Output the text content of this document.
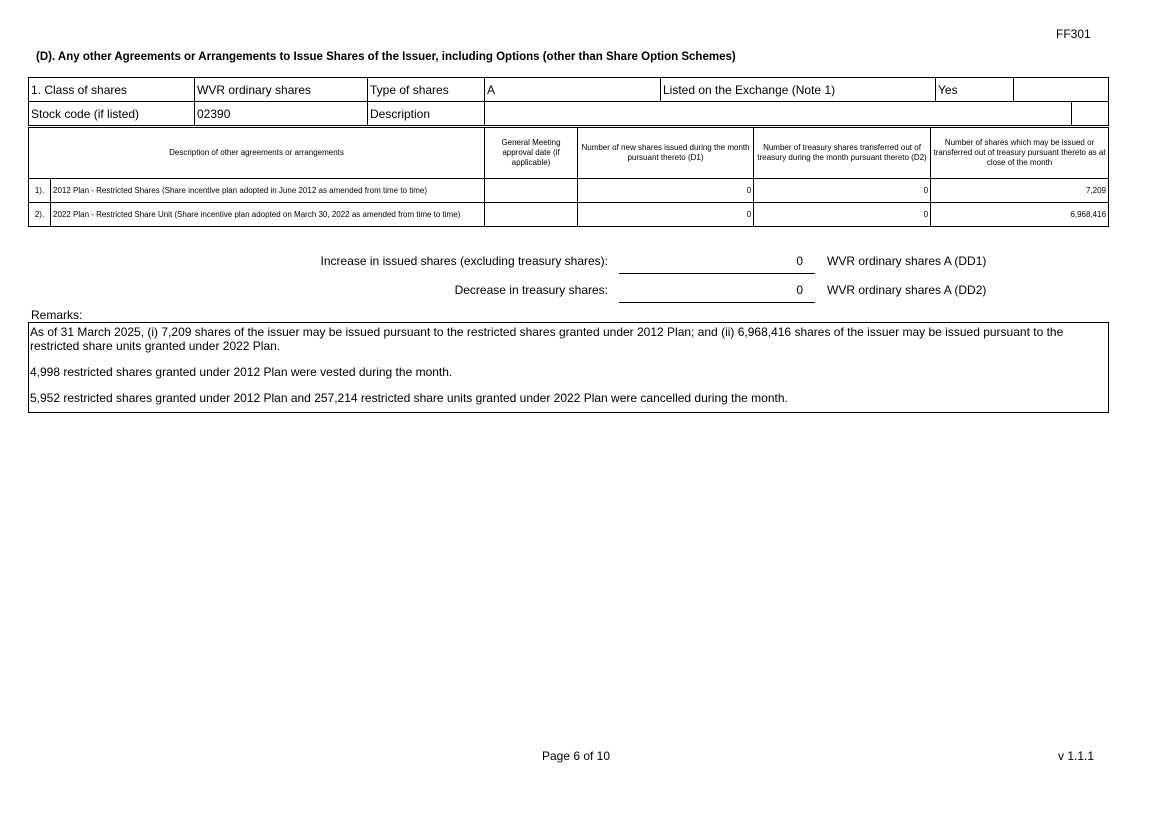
FF301
(D). Any other Agreements or Arrangements to Issue Shares of the Issuer, including Options (other than Share Option Schemes)
1. Class of shares	WVR ordinary shares	Type of shares	A	Listed on the Exchange (Note 1)	Yes		
Stock code (if listed)	02390	Description					
Description of other agreements or arrangements		General Meeting approval date (if applicable)	Number of new shares issued during the month pursuant thereto (D1)	Number of treasury shares transferred out of treasury during the month pursuant thereto (D2)	Number of shares which may be issued or transferred out of treasury pursuant thereto as at close of the month
1).	2012 Plan - Restricted Shares (Share incentive plan adopted in June 2012 as amended from time to time)		0	0	7,209
2).	2022 Plan - Restricted Share Unit (Share incentive plan adopted on March 30, 2022 as amended from time to time)		0	0	6,968,416
Increase in issued shares (excluding treasury shares):	0 WVR ordinary shares A (DD1)
Decrease in treasury shares:	0 WVR ordinary shares A (DD2)
Remarks:

As of 31 March 2025, (i) 7,209 shares of the issuer may be issued pursuant to the restricted shares granted under 2012 Plan; and (ii) 6,968,416 shares of the issuer may be issued pursuant to the restricted share units granted under 2022 Plan.

4,998 restricted shares granted under 2012 Plan were vested during the month.

5,952 restricted shares granted under 2012 Plan and 257,214 restricted share units granted under 2022 Plan were cancelled during the month.

Page 6 of 10	v 1.1.1
